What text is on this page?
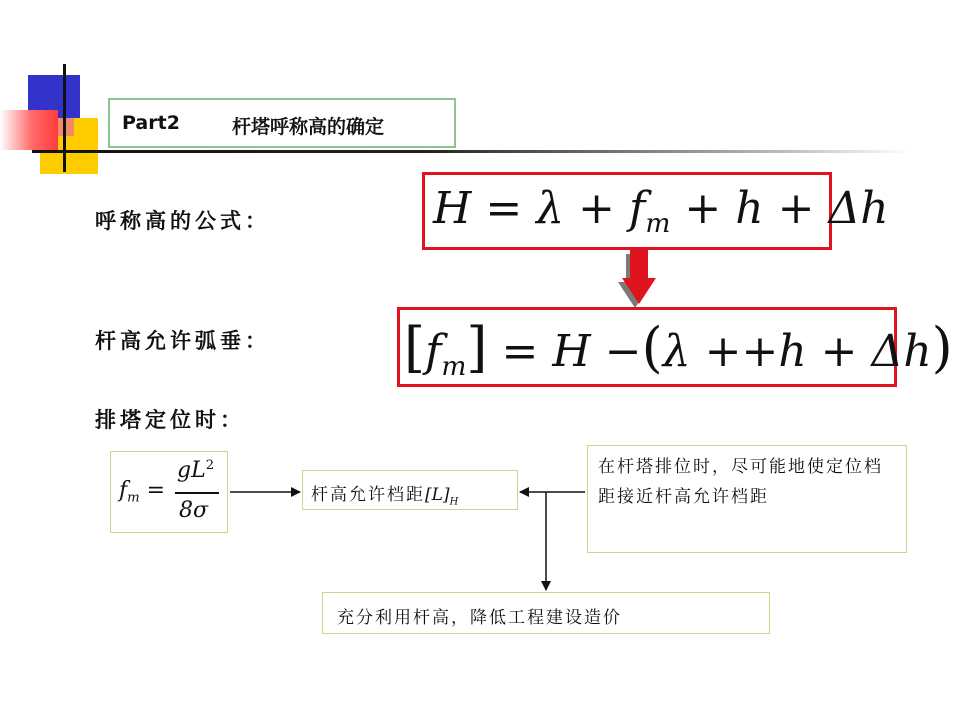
Part2	杆塔呼称高的确定
呼称高的公式：
杆高允许弧垂：
排塔定位时：
$H = \lambda + f_m + h + \Delta h$
$[f_m] = H -(\lambda ++h + \Delta h)$
$f_m$ =
$gL^2$
8σ
杆高允许档距$[L]_H$
在杆塔排位时，尽可能地使定位档距接近杆高允许档距
充分利用杆高，降低工程建设造价
